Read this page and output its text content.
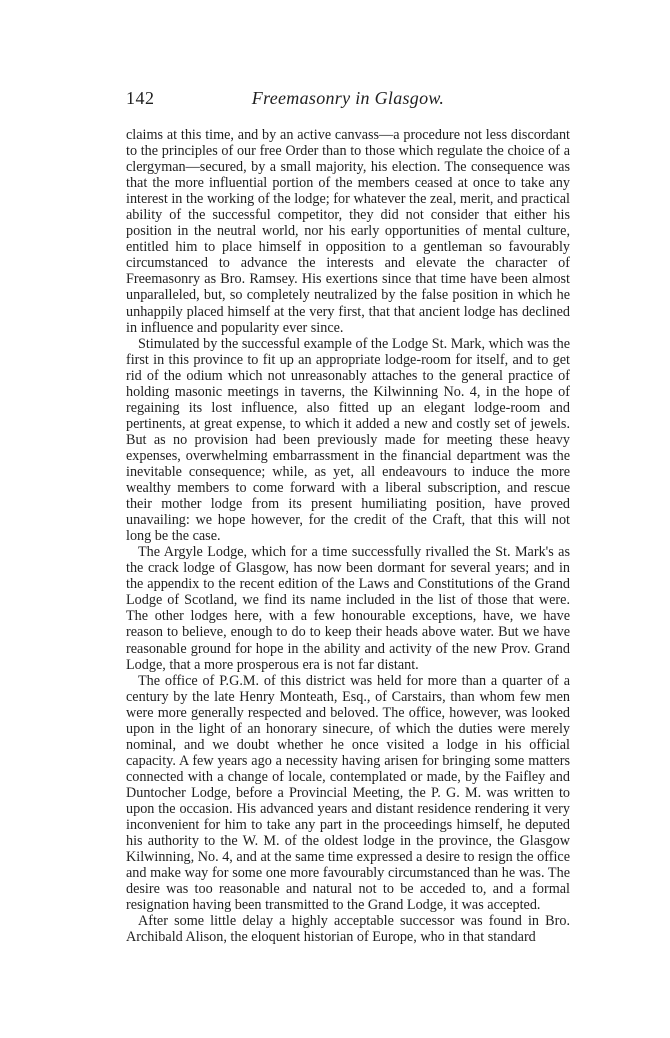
142	Freemasonry in Glasgow.

claims at this time, and by an active canvass—a procedure not less discordant to the principles of our free Order than to those which regulate the choice of a clergyman—secured, by a small majority, his election. The consequence was that the more influential portion of the members ceased at once to take any interest in the working of the lodge; for whatever the zeal, merit, and practical ability of the successful competitor, they did not consider that either his position in the neutral world, nor his early opportunities of mental culture, entitled him to place himself in opposition to a gentleman so favourably circumstanced to advance the interests and elevate the character of Freemasonry as Bro. Ramsey. His exertions since that time have been almost unparalleled, but, so completely neutralized by the false position in which he unhappily placed himself at the very first, that that ancient lodge has declined in influence and popularity ever since.

Stimulated by the successful example of the Lodge St. Mark, which was the first in this province to fit up an appropriate lodge-room for itself, and to get rid of the odium which not unreasonably attaches to the general practice of holding masonic meetings in taverns, the Kilwinning No. 4, in the hope of regaining its lost influence, also fitted up an elegant lodge-room and pertinents, at great expense, to which it added a new and costly set of jewels. But as no provision had been previously made for meeting these heavy expenses, overwhelming embarrassment in the financial department was the inevitable consequence; while, as yet, all endeavours to induce the more wealthy members to come forward with a liberal subscription, and rescue their mother lodge from its present humiliating position, have proved unavailing: we hope however, for the credit of the Craft, that this will not long be the case.

The Argyle Lodge, which for a time successfully rivalled the St. Mark's as the crack lodge of Glasgow, has now been dormant for several years; and in the appendix to the recent edition of the Laws and Constitutions of the Grand Lodge of Scotland, we find its name included in the list of those that were. The other lodges here, with a few honourable exceptions, have, we have reason to believe, enough to do to keep their heads above water. But we have reasonable ground for hope in the ability and activity of the new Prov. Grand Lodge, that a more prosperous era is not far distant.

The office of P.G.M. of this district was held for more than a quarter of a century by the late Henry Monteath, Esq., of Carstairs, than whom few men were more generally respected and beloved. The office, however, was looked upon in the light of an honorary sinecure, of which the duties were merely nominal, and we doubt whether he once visited a lodge in his official capacity. A few years ago a necessity having arisen for bringing some matters connected with a change of locale, contemplated or made, by the Faifley and Duntocher Lodge, before a Provincial Meeting, the P. G. M. was written to upon the occasion. His advanced years and distant residence rendering it very inconvenient for him to take any part in the proceedings himself, he deputed his authority to the W. M. of the oldest lodge in the province, the Glasgow Kilwinning, No. 4, and at the same time expressed a desire to resign the office and make way for some one more favourably circumstanced than he was. The desire was too reasonable and natural not to be acceded to, and a formal resignation having been transmitted to the Grand Lodge, it was accepted.

After some little delay a highly acceptable successor was found in Bro. Archibald Alison, the eloquent historian of Europe, who in that standard
